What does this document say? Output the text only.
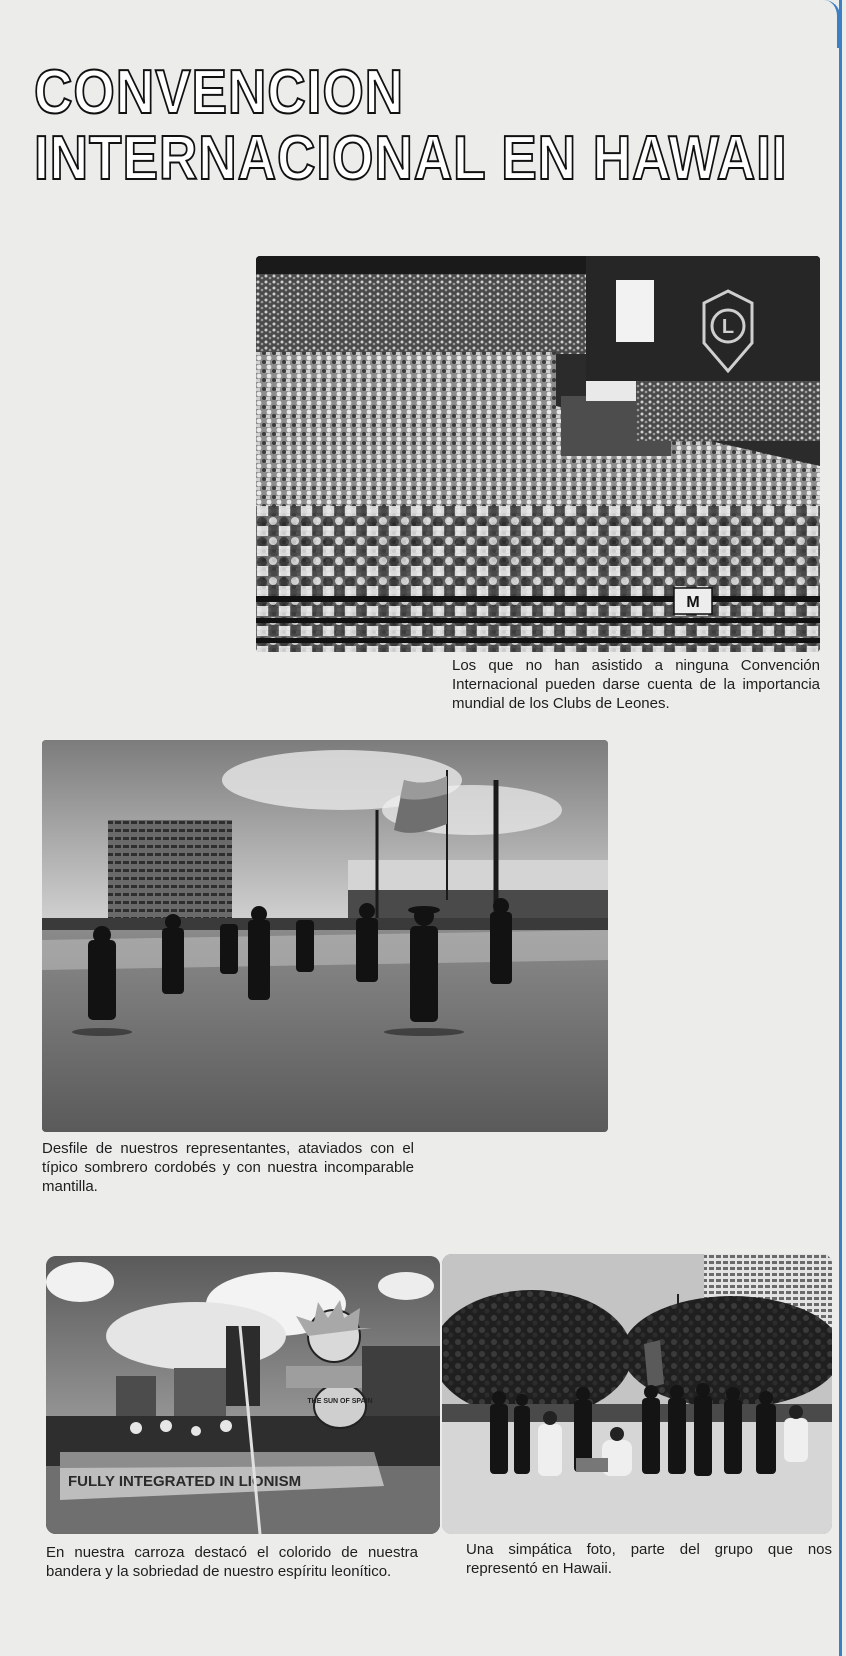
CONVENCION
INTERNACIONAL EN HAWAII
L
M

Los que no han asistido a ninguna Convención Internacional pueden darse cuenta de la importancia mundial de los Clubs de Leones.

Desfile de nuestros representantes, ataviados con el típico sombrero cordobés y con nuestra incomparable mantilla.

FULLY INTEGRATED IN LIONISM
THE SUN OF SPAIN

En nuestra carroza destacó el colorido de nuestra bandera y la sobriedad de nuestro espíritu leonítico.

Una simpática foto, parte del grupo que nos representó en Hawaii.
